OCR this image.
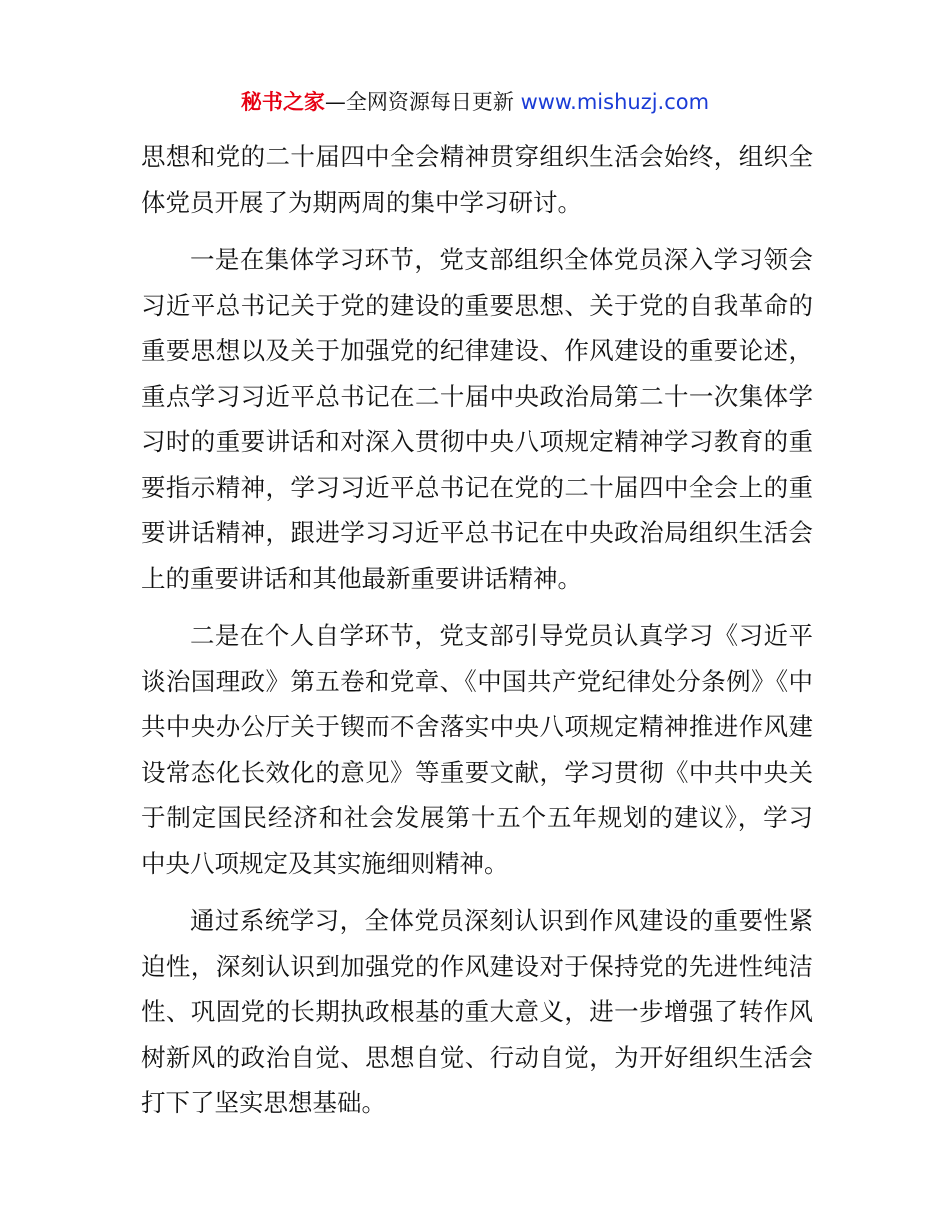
秘书之家—全网资源每日更新 www.mishuzj.com

思想和党的二十届四中全会精神贯穿组织生活会始终，组织全体党员开展了为期两周的集中学习研讨。

一是在集体学习环节，党支部组织全体党员深入学习领会习近平总书记关于党的建设的重要思想、关于党的自我革命的重要思想以及关于加强党的纪律建设、作风建设的重要论述，重点学习习近平总书记在二十届中央政治局第二十一次集体学习时的重要讲话和对深入贯彻中央八项规定精神学习教育的重要指示精神，学习习近平总书记在党的二十届四中全会上的重要讲话精神，跟进学习习近平总书记在中央政治局组织生活会上的重要讲话和其他最新重要讲话精神。

二是在个人自学环节，党支部引导党员认真学习《习近平谈治国理政》第五卷和党章、《中国共产党纪律处分条例》《中共中央办公厅关于锲而不舍落实中央八项规定精神推进作风建设常态化长效化的意见》等重要文献，学习贯彻《中共中央关于制定国民经济和社会发展第十五个五年规划的建议》，学习中央八项规定及其实施细则精神。

通过系统学习，全体党员深刻认识到作风建设的重要性紧迫性，深刻认识到加强党的作风建设对于保持党的先进性纯洁性、巩固党的长期执政根基的重大意义，进一步增强了转作风树新风的政治自觉、思想自觉、行动自觉，为开好组织生活会打下了坚实思想基础。
